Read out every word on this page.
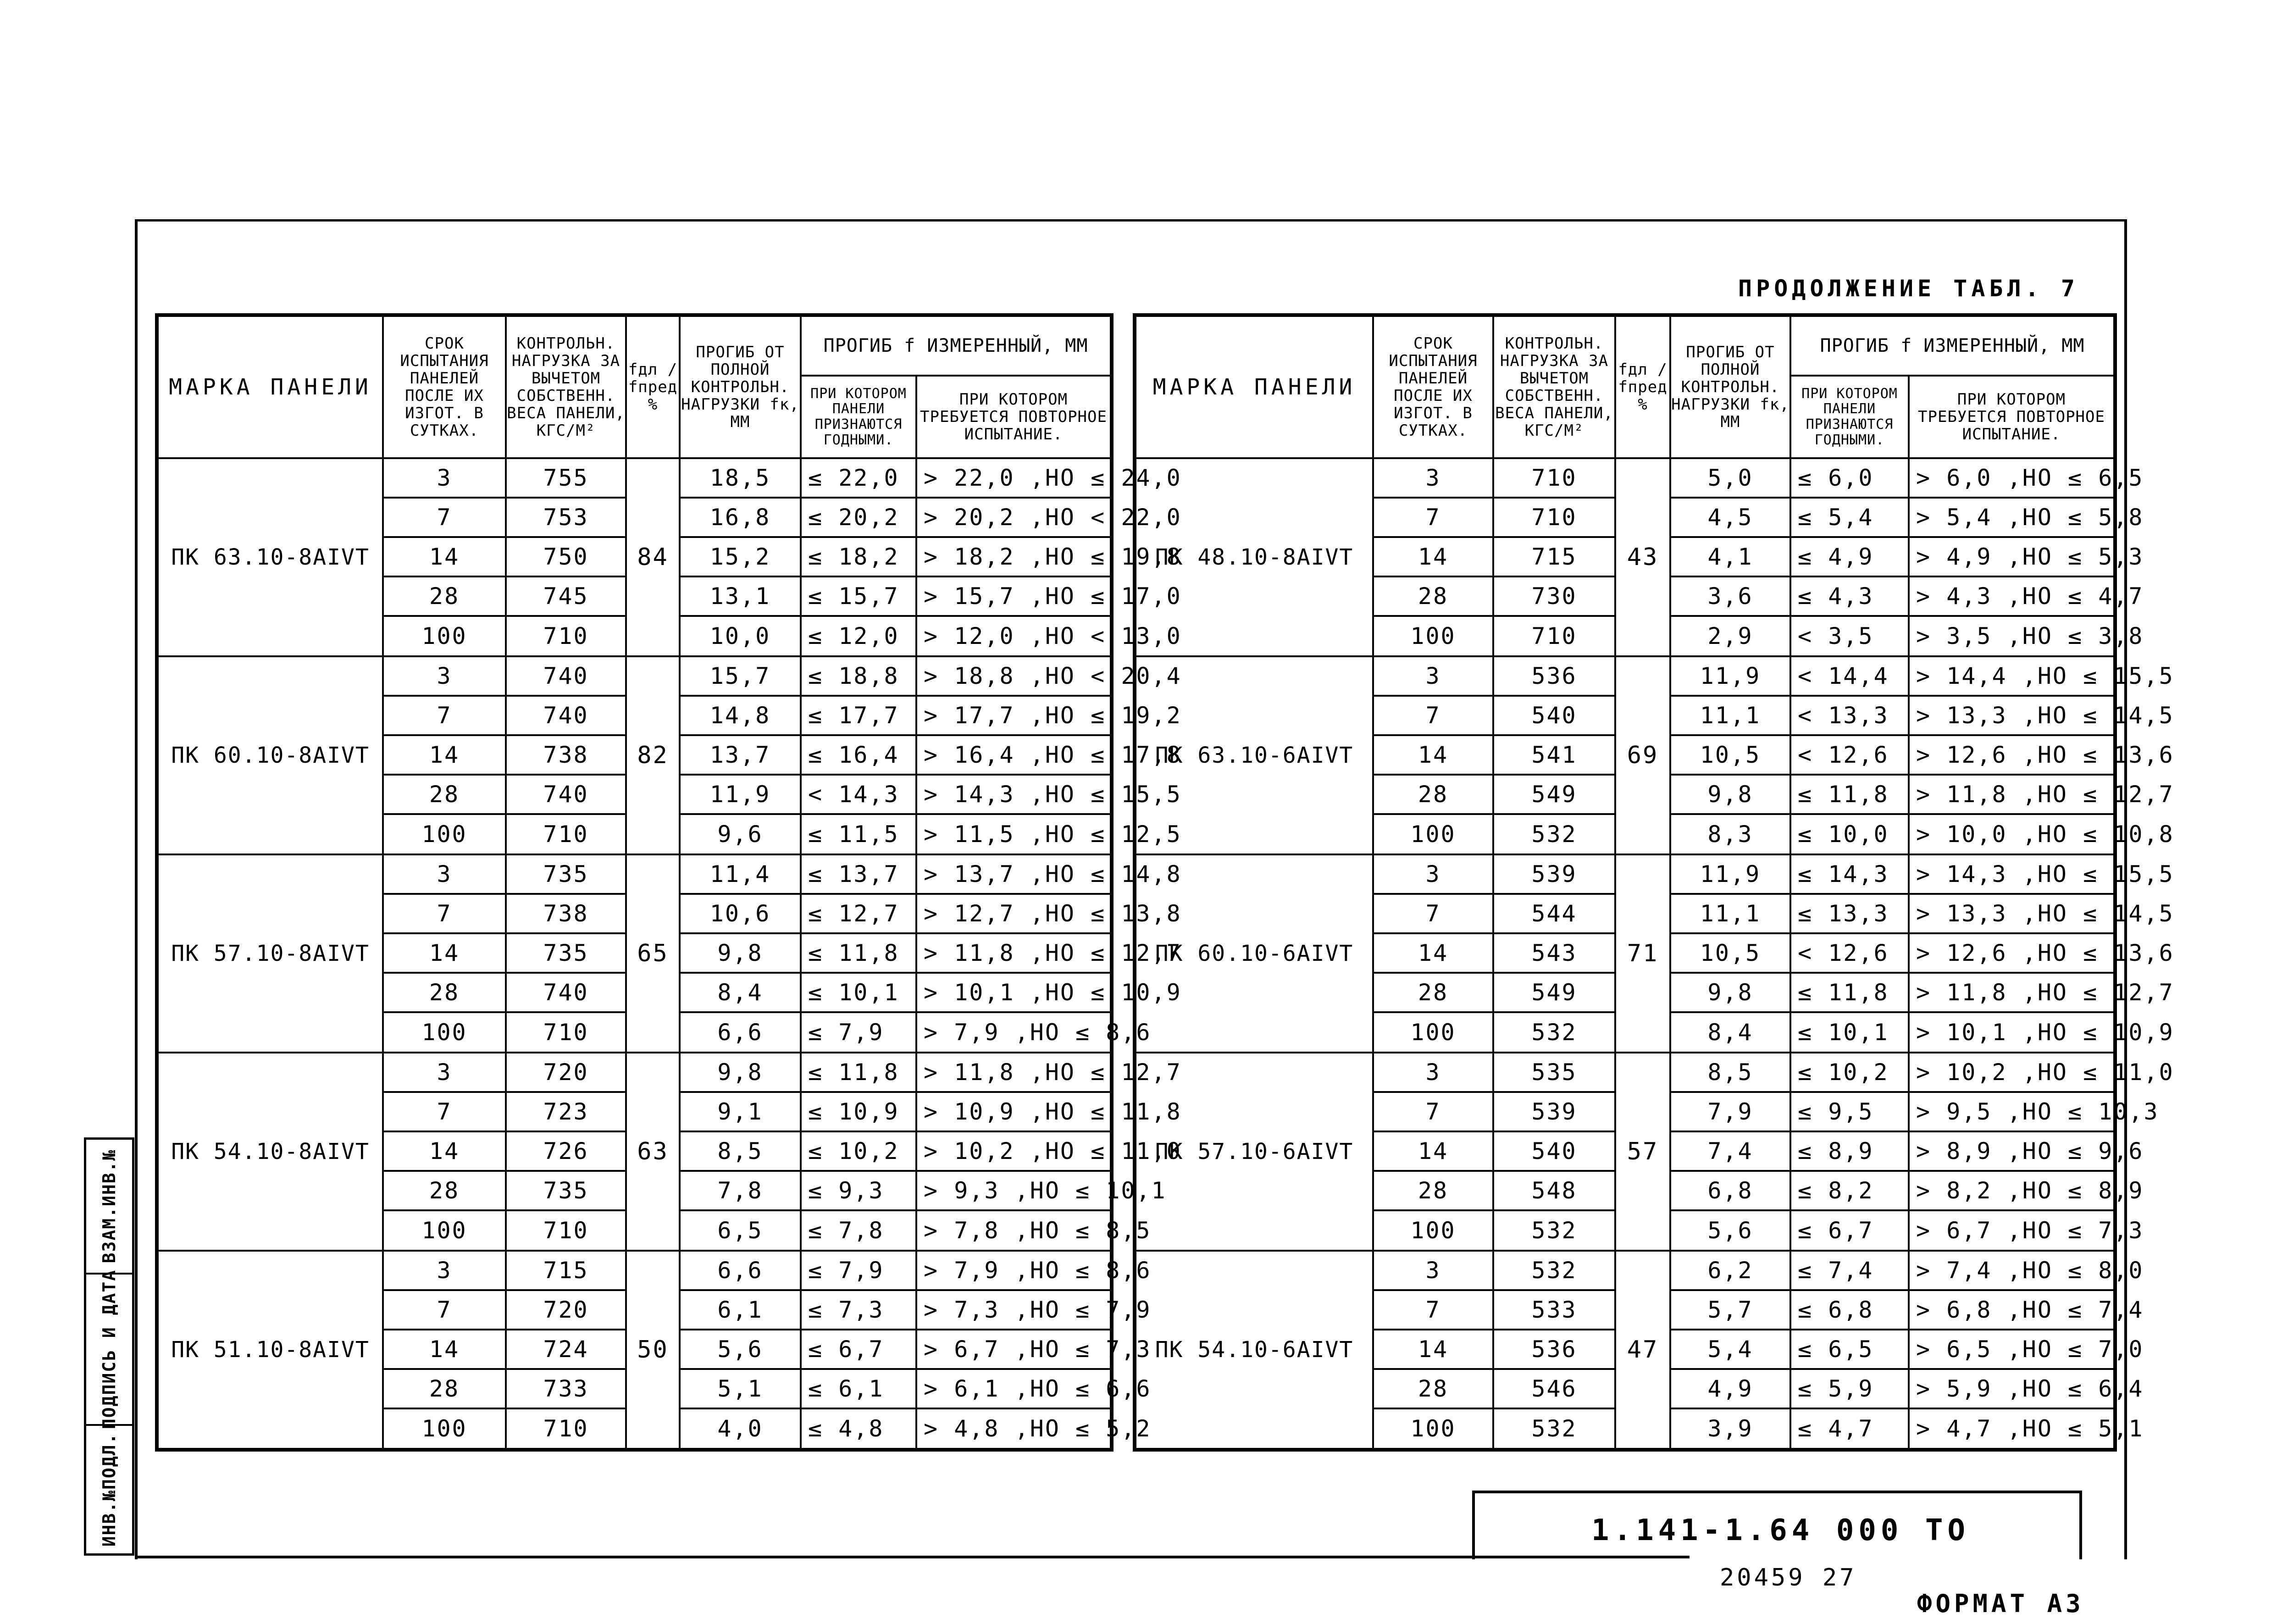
ПРОДОЛЖЕНИЕ ТАБЛ. 7
МАРКА ПАНЕЛИ	СРОК ИСПЫТАНИЯ ПАНЕЛЕЙ ПОСЛЕ ИХ ИЗГОТ. В СУТКАХ.	КОНТРОЛЬН. НАГРУЗКА ЗА ВЫЧЕТОМ СОБСТВЕНН. ВЕСА ПАНЕЛИ, КГС/М²	fдл / fпред %	ПРОГИБ ОТ ПОЛНОЙ КОНТРОЛЬН. НАГРУЗКИ fк, ММ	ПРОГИБ f ИЗМЕРЕННЫЙ, ММ	
					ПРИ КОТОРОМ ПАНЕЛИ ПРИЗНАЮТСЯ ГОДНЫМИ.	ПРИ КОТОРОМ ТРЕБУЕТСЯ ПОВТОРНОЕ ИСПЫТАНИЕ.
ПК 63.10-8АIVТ	3	755	84	18,5	≤ 22,0	> 22,0 ,НО ≤ 24,0
	7	753		16,8	≤ 20,2	> 20,2 ,НО < 22,0
	14	750		15,2	≤ 18,2	> 18,2 ,НО ≤ 19,8
	28	745		13,1	≤ 15,7	> 15,7 ,НО ≤ 17,0
	100	710		10,0	≤ 12,0	> 12,0 ,НО < 13,0
ПК 60.10-8АIVТ	3	740	82	15,7	≤ 18,8	> 18,8 ,НО < 20,4
	7	740		14,8	≤ 17,7	> 17,7 ,НО ≤ 19,2
	14	738		13,7	≤ 16,4	> 16,4 ,НО ≤ 17,8
	28	740		11,9	< 14,3	> 14,3 ,НО ≤ 15,5
	100	710		9,6	≤ 11,5	> 11,5 ,НО ≤ 12,5
ПК 57.10-8АIVТ	3	735	65	11,4	≤ 13,7	> 13,7 ,НО ≤ 14,8
	7	738		10,6	≤ 12,7	> 12,7 ,НО ≤ 13,8
	14	735		9,8	≤ 11,8	> 11,8 ,НО ≤ 12,7
	28	740		8,4	≤ 10,1	> 10,1 ,НО ≤ 10,9
	100	710		6,6	≤ 7,9	> 7,9 ,НО ≤ 8,6
ПК 54.10-8АIVТ	3	720	63	9,8	≤ 11,8	> 11,8 ,НО ≤ 12,7
	7	723		9,1	≤ 10,9	> 10,9 ,НО ≤ 11,8
	14	726		8,5	≤ 10,2	> 10,2 ,НО ≤ 11,0
	28	735		7,8	≤ 9,3	> 9,3 ,НО ≤ 10,1
	100	710		6,5	≤ 7,8	> 7,8 ,НО ≤ 8,5
ПК 51.10-8АIVТ	3	715	50	6,6	≤ 7,9	> 7,9 ,НО ≤ 8,6
	7	720		6,1	≤ 7,3	> 7,3 ,НО ≤ 7,9
	14	724		5,6	≤ 6,7	> 6,7 ,НО ≤ 7,3
	28	733		5,1	≤ 6,1	> 6,1 ,НО ≤ 6,6
	100	710		4,0	≤ 4,8	> 4,8 ,НО ≤ 5,2
МАРКА ПАНЕЛИ	СРОК ИСПЫТАНИЯ ПАНЕЛЕЙ ПОСЛЕ ИХ ИЗГОТ. В СУТКАХ.	КОНТРОЛЬН. НАГРУЗКА ЗА ВЫЧЕТОМ СОБСТВЕНН. ВЕСА ПАНЕЛИ, КГС/М²	fдл / fпред %	ПРОГИБ ОТ ПОЛНОЙ КОНТРОЛЬН. НАГРУЗКИ fк, ММ	ПРОГИБ f ИЗМЕРЕННЫЙ, ММ	
					ПРИ КОТОРОМ ПАНЕЛИ ПРИЗНАЮТСЯ ГОДНЫМИ.	ПРИ КОТОРОМ ТРЕБУЕТСЯ ПОВТОРНОЕ ИСПЫТАНИЕ.
ПК 48.10-8АIVТ	3	710	43	5,0	≤ 6,0	> 6,0 ,НО ≤ 6,5
	7	710		4,5	≤ 5,4	> 5,4 ,НО ≤ 5,8
	14	715		4,1	≤ 4,9	> 4,9 ,НО ≤ 5,3
	28	730		3,6	≤ 4,3	> 4,3 ,НО ≤ 4,7
	100	710		2,9	< 3,5	> 3,5 ,НО ≤ 3,8
ПК 63.10-6АIVТ	3	536	69	11,9	< 14,4	> 14,4 ,НО ≤ 15,5
	7	540		11,1	< 13,3	> 13,3 ,НО ≤ 14,5
	14	541		10,5	< 12,6	> 12,6 ,НО ≤ 13,6
	28	549		9,8	≤ 11,8	> 11,8 ,НО ≤ 12,7
	100	532		8,3	≤ 10,0	> 10,0 ,НО ≤ 10,8
ПК 60.10-6АIVТ	3	539	71	11,9	≤ 14,3	> 14,3 ,НО ≤ 15,5
	7	544		11,1	≤ 13,3	> 13,3 ,НО ≤ 14,5
	14	543		10,5	< 12,6	> 12,6 ,НО ≤ 13,6
	28	549		9,8	≤ 11,8	> 11,8 ,НО ≤ 12,7
	100	532		8,4	≤ 10,1	> 10,1 ,НО ≤ 10,9
ПК 57.10-6АIVТ	3	535	57	8,5	≤ 10,2	> 10,2 ,НО ≤ 11,0
	7	539		7,9	≤ 9,5	> 9,5 ,НО ≤ 10,3
	14	540		7,4	≤ 8,9	> 8,9 ,НО ≤ 9,6
	28	548		6,8	≤ 8,2	> 8,2 ,НО ≤ 8,9
	100	532		5,6	≤ 6,7	> 6,7 ,НО ≤ 7,3
ПК 54.10-6АIVТ	3	532	47	6,2	≤ 7,4	> 7,4 ,НО ≤ 8,0
	7	533		5,7	≤ 6,8	> 6,8 ,НО ≤ 7,4
	14	536		5,4	≤ 6,5	> 6,5 ,НО ≤ 7,0
	28	546		4,9	≤ 5,9	> 5,9 ,НО ≤ 6,4
	100	532		3,9	≤ 4,7	> 4,7 ,НО ≤ 5,1
ВЗАМ.ИНВ.№
ПОДПИСЬ И ДАТА
ИНВ.№ПОДЛ.	1.141-1.64 000 ТО
20459 27
ФОРМАТ А3
